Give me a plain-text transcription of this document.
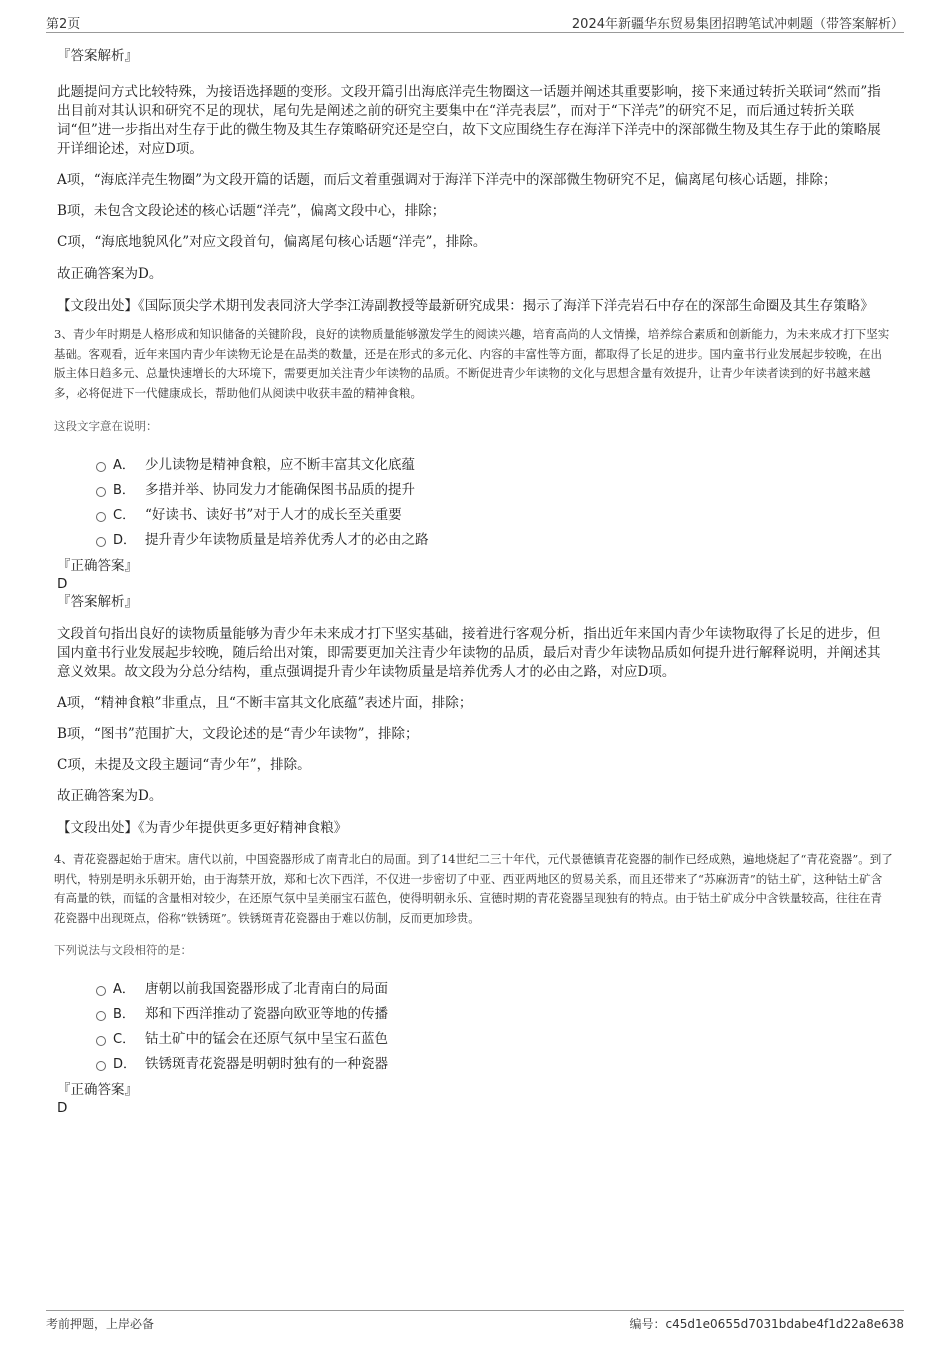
第2页	2024年新疆华东贸易集团招聘笔试冲刺题（带答案解析）

『答案解析』

此题提问方式比较特殊，为接语选择题的变形。文段开篇引出海底洋壳生物圈这一话题并阐述其重要影响，接下来通过转折关联词“然而”指出目前对其认识和研究不足的现状，尾句先是阐述之前的研究主要集中在“洋壳表层”，而对于“下洋壳”的研究不足，而后通过转折关联词“但”进一步指出对生存于此的微生物及其生存策略研究还是空白，故下文应围绕生存在海洋下洋壳中的深部微生物及其生存于此的策略展开详细论述，对应D项。

A项，“海底洋壳生物圈”为文段开篇的话题，而后文着重强调对于海洋下洋壳中的深部微生物研究不足，偏离尾句核心话题，排除；

B项，未包含文段论述的核心话题“洋壳”，偏离文段中心，排除；

C项，“海底地貌风化”对应文段首句，偏离尾句核心话题“洋壳”，排除。

故正确答案为D。

【文段出处】《国际顶尖学术期刊发表同济大学李江涛副教授等最新研究成果：揭示了海洋下洋壳岩石中存在的深部生命圈及其生存策略》

3、青少年时期是人格形成和知识储备的关键阶段，良好的读物质量能够激发学生的阅读兴趣，培育高尚的人文情操，培养综合素质和创新能力，为未来成才打下坚实基础。客观看，近年来国内青少年读物无论是在品类的数量，还是在形式的多元化、内容的丰富性等方面，都取得了长足的进步。国内童书行业发展起步较晚，在出版主体日趋多元、总量快速增长的大环境下，需要更加关注青少年读物的品质。不断促进青少年读物的文化与思想含量有效提升，让青少年读者读到的好书越来越多，必将促进下一代健康成长，帮助他们从阅读中收获丰盈的精神食粮。

这段文字意在说明：

A． 少儿读物是精神食粮，应不断丰富其文化底蕴
B． 多措并举、协同发力才能确保图书品质的提升
C． “好读书、读好书”对于人才的成长至关重要
D． 提升青少年读物质量是培养优秀人才的必由之路

『正确答案』

D

『答案解析』

文段首句指出良好的读物质量能够为青少年未来成才打下坚实基础，接着进行客观分析，指出近年来国内青少年读物取得了长足的进步，但国内童书行业发展起步较晚，随后给出对策，即需要更加关注青少年读物的品质，最后对青少年读物品质如何提升进行解释说明，并阐述其意义效果。故文段为分总分结构，重点强调提升青少年读物质量是培养优秀人才的必由之路，对应D项。

A项，“精神食粮”非重点，且“不断丰富其文化底蕴”表述片面，排除；

B项，“图书”范围扩大，文段论述的是“青少年读物”，排除；

C项，未提及文段主题词“青少年”，排除。

故正确答案为D。

【文段出处】《为青少年提供更多更好精神食粮》

4、青花瓷器起始于唐宋。唐代以前，中国瓷器形成了南青北白的局面。到了14世纪二三十年代，元代景德镇青花瓷器的制作已经成熟，遍地烧起了“青花瓷器”。到了明代，特别是明永乐朝开始，由于海禁开放，郑和七次下西洋，不仅进一步密切了中亚、西亚两地区的贸易关系，而且还带来了“苏麻沥青”的钴土矿，这种钴土矿含有高量的铁，而锰的含量相对较少，在还原气氛中呈美丽宝石蓝色，使得明朝永乐、宣德时期的青花瓷器呈现独有的特点。由于钴土矿成分中含铁量较高，往往在青花瓷器中出现斑点，俗称“铁锈斑”。铁锈斑青花瓷器由于难以仿制，反而更加珍贵。

下列说法与文段相符的是：

A． 唐朝以前我国瓷器形成了北青南白的局面
B． 郑和下西洋推动了瓷器向欧亚等地的传播
C． 钴土矿中的锰会在还原气氛中呈宝石蓝色
D． 铁锈斑青花瓷器是明朝时独有的一种瓷器

『正确答案』

D

考前押题，上岸必备	编号：c45d1e0655d7031bdabe4f1d22a8e638
